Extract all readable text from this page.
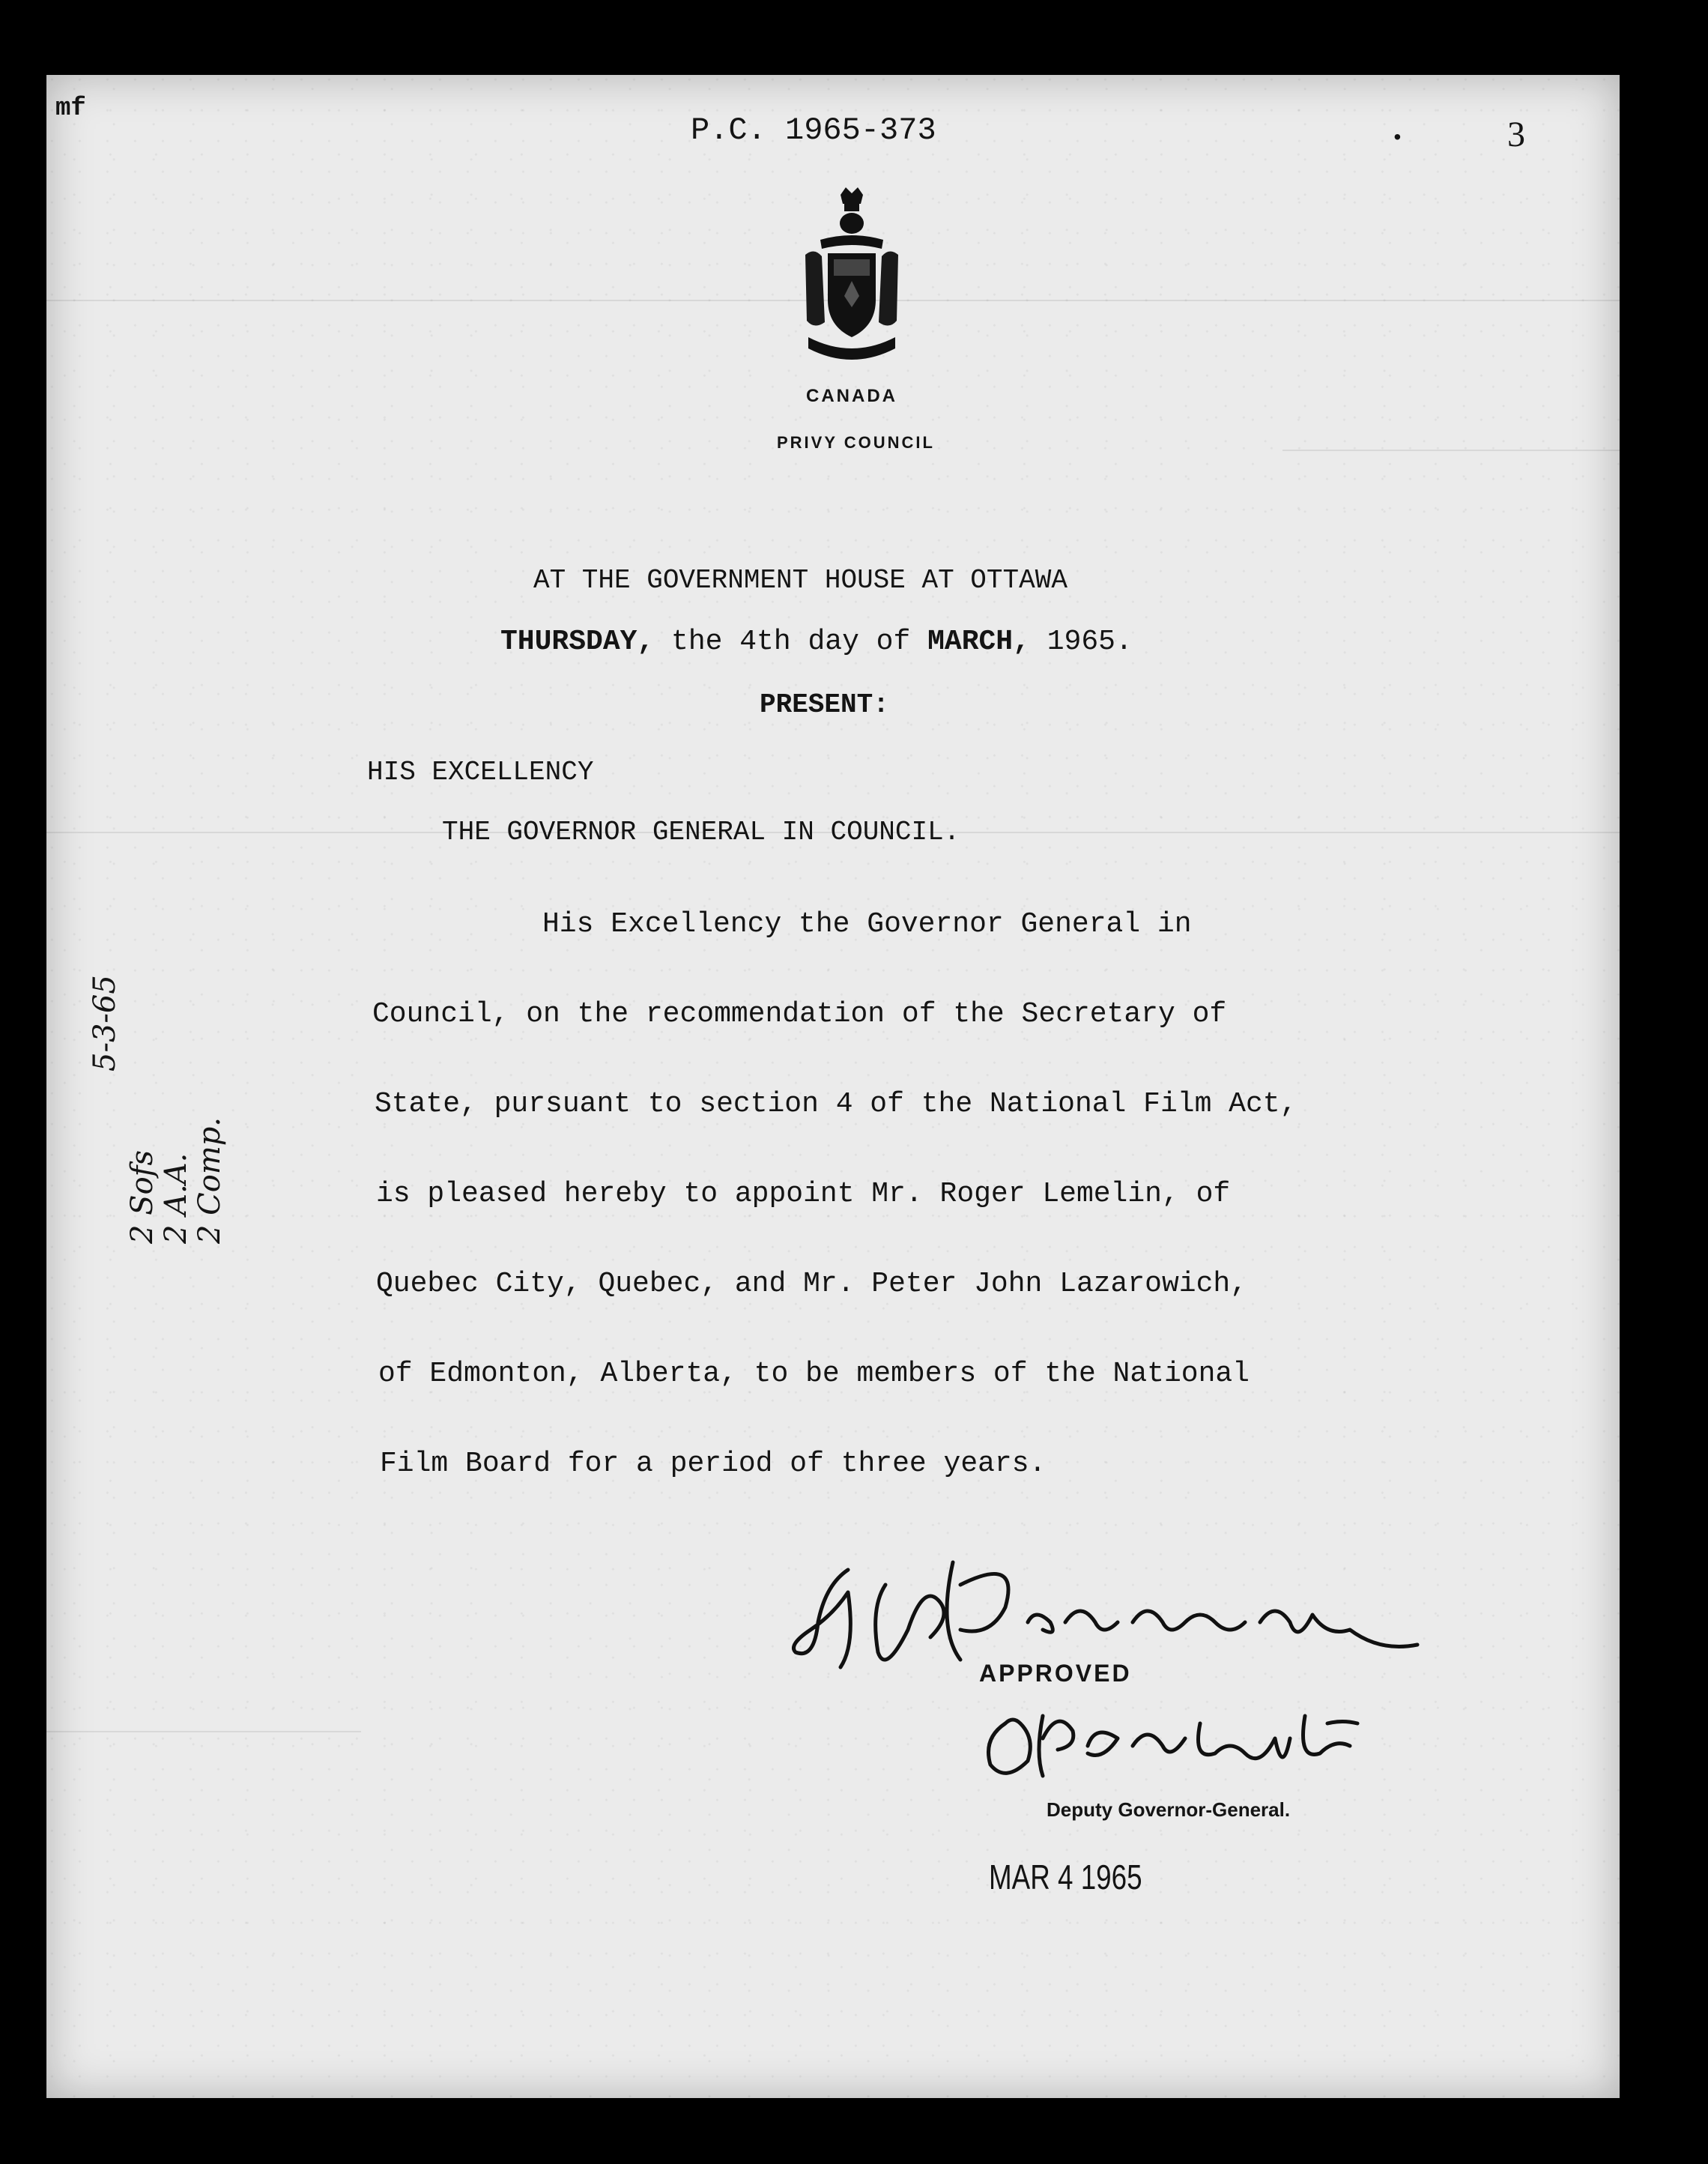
mf
P.C. 1965-373	•	3
CANADA
PRIVY COUNCIL
AT THE GOVERNMENT HOUSE AT OTTAWA
THURSDAY, the 4th day of MARCH, 1965.
PRESENT:
HIS EXCELLENCY
THE GOVERNOR GENERAL IN COUNCIL.
His Excellency the Governor General in
Council, on the recommendation of the Secretary of
State, pursuant to section 4 of the National Film Act,
is pleased hereby to appoint Mr. Roger Lemelin, of
Quebec City, Quebec, and Mr. Peter John Lazarowich,
of Edmonton, Alberta, to be members of the National
Film Board for a period of three years.
5-3-65
2 Sofs 2 A.A. 2 Comp.
APPROVED
Deputy Governor-General.
MAR 4 1965
